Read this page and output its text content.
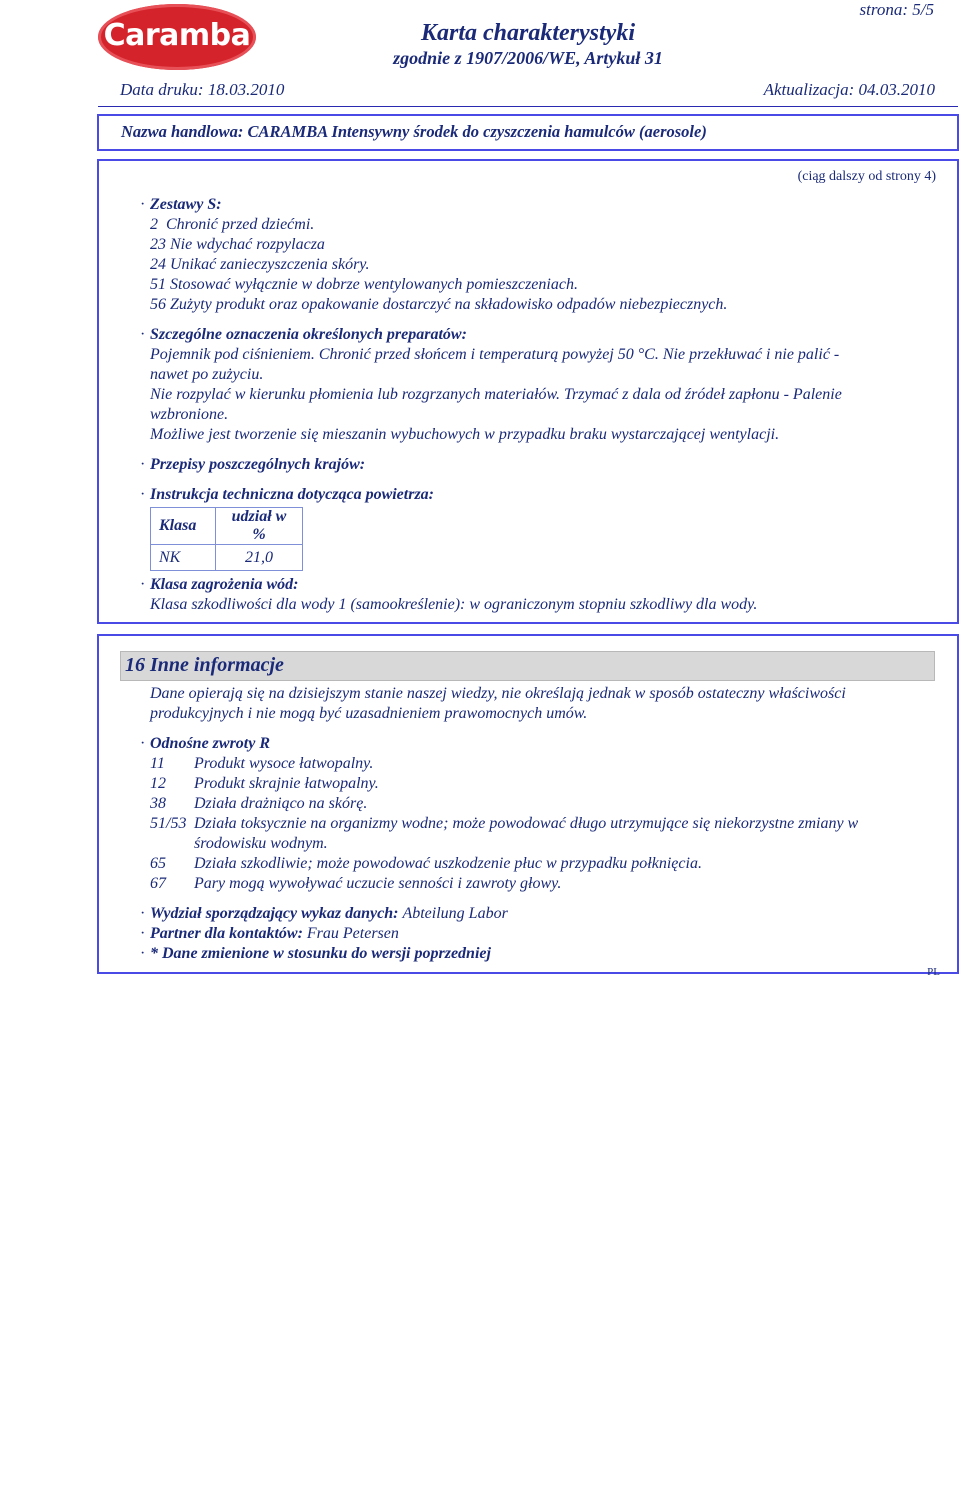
Caramba
strona: 5/5
Karta charakterystyki
zgodnie z 1907/2006/WE, Artykuł 31
Data druku: 18.03.2010	Aktualizacja: 04.03.2010
Nazwa handlowa: CARAMBA Intensywny środek do czyszczenia hamulców (aerosole)
(ciąg dalszy od strony 4)
· Zestawy S:
2  Chronić przed dziećmi.
23 Nie wdychać rozpylacza
24 Unikać zanieczyszczenia skóry.
51 Stosować wyłącznie w dobrze wentylowanych pomieszczeniach.
56 Zużyty produkt oraz opakowanie dostarczyć na składowisko odpadów niebezpiecznych.
· Szczególne oznaczenia określonych preparatów:
Pojemnik pod ciśnieniem. Chronić przed słońcem i temperaturą powyżej 50 °C. Nie przekłuwać i nie palić -
nawet po zużyciu.
Nie rozpylać w kierunku płomienia lub rozgrzanych materiałów. Trzymać z dala od źródeł zapłonu - Palenie
wzbronione.
Możliwe jest tworzenie się mieszanin wybuchowych w przypadku braku wystarczającej wentylacji.
· Przepisy poszczególnych krajów:
· Instrukcja techniczna dotycząca powietrza:
Klasa	udział w %
NK	21,0
· Klasa zagrożenia wód:
Klasa szkodliwości dla wody 1 (samookreślenie): w ograniczonym stopniu szkodliwy dla wody.
16 Inne informacje
Dane opierają się na dzisiejszym stanie naszej wiedzy, nie określają jednak w sposób ostateczny właściwości
produkcyjnych i nie mogą być uzasadnieniem prawomocnych umów.
· Odnośne zwroty R
11 Produkt wysoce łatwopalny.
12 Produkt skrajnie łatwopalny.
38 Działa drażniąco na skórę.
51/53 Działa toksycznie na organizmy wodne; może powodować długo utrzymujące się niekorzystne zmiany w
środowisku wodnym.
65 Działa szkodliwie; może powodować uszkodzenie płuc w przypadku połknięcia.
67 Pary mogą wywoływać uczucie senności i zawroty głowy.
· Wydział sporządzający wykaz danych: Abteilung Labor
· Partner dla kontaktów: Frau Petersen
· * Dane zmienione w stosunku do wersji poprzedniej
PL
